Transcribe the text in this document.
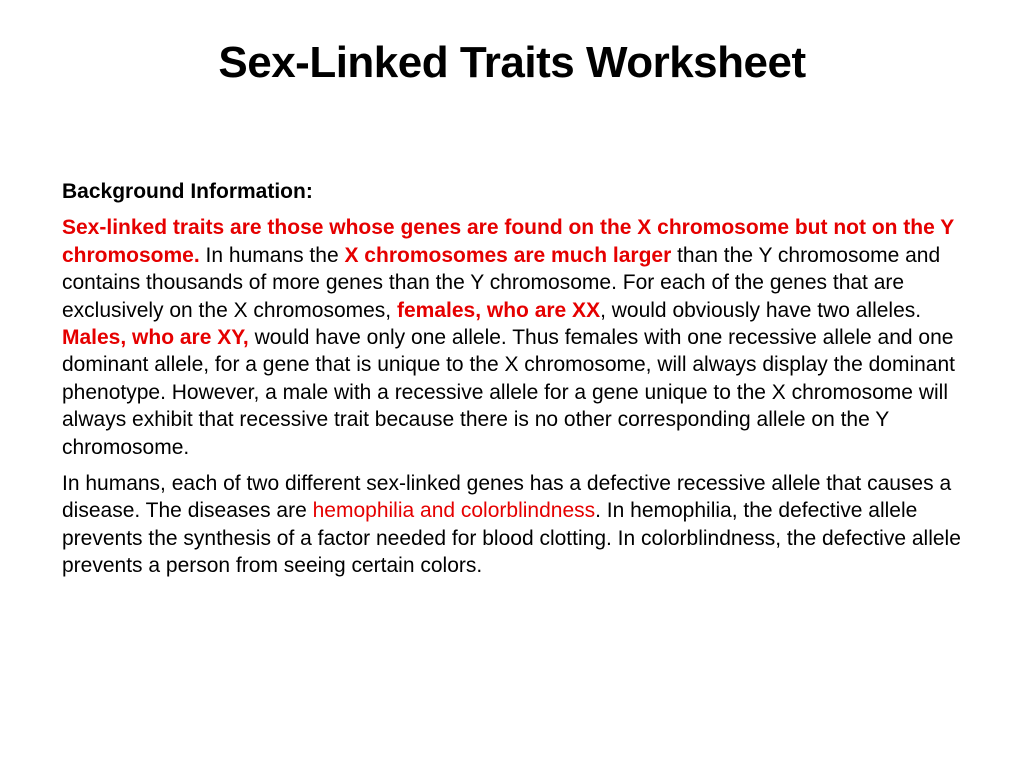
Sex-Linked Traits Worksheet
Background Information:
Sex-linked traits are those whose genes are found on the X chromosome but not on the Y chromosome. In humans the X chromosomes are much larger than the Y chromosome and contains thousands of more genes than the Y chromosome. For each of the genes that are exclusively on the X chromosomes, females, who are XX, would obviously have two alleles. Males, who are XY, would have only one allele. Thus females with one recessive allele and one dominant allele, for a gene that is unique to the X chromosome, will always display the dominant phenotype. However, a male with a recessive allele for a gene unique to the X chromosome will always exhibit that recessive trait because there is no other corresponding allele on the Y chromosome.
In humans, each of two different sex-linked genes has a defective recessive allele that causes a disease. The diseases are hemophilia and colorblindness. In hemophilia, the defective allele prevents the synthesis of a factor needed for blood clotting. In colorblindness, the defective allele prevents a person from seeing certain colors.
